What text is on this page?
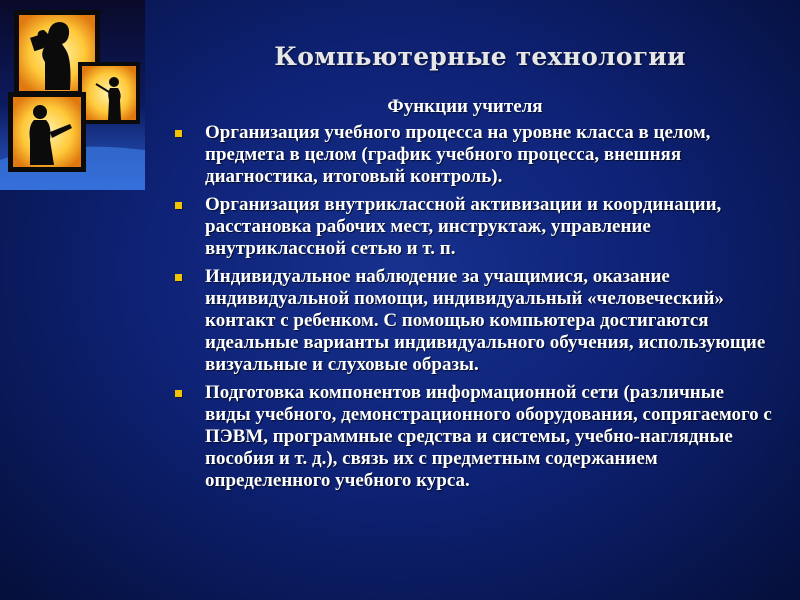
Компьютерные технологии
Функции учителя
Организация учебного процесса на уровне класса в целом, предмета в целом (график учебного процесса, внешняя диагностика, итоговый контроль).
Организация внутриклассной активизации и координации, расстановка рабочих мест, инструктаж, управление внутриклассной сетью и т. п.
Индивидуальное наблюдение за учащимися, оказание индивидуальной помощи, индивидуальный «человеческий» контакт с ребенком. С помощью компьютера достигаются идеальные варианты индивидуального обучения, использующие визуальные и слуховые образы.
Подготовка компонентов информационной сети (различные виды учебного, демонстрационного оборудования, сопрягаемого с ПЭВМ, программные средства и системы, учебно-наглядные пособия и т. д.), связь их с предметным содержанием определенного учебного курса.
